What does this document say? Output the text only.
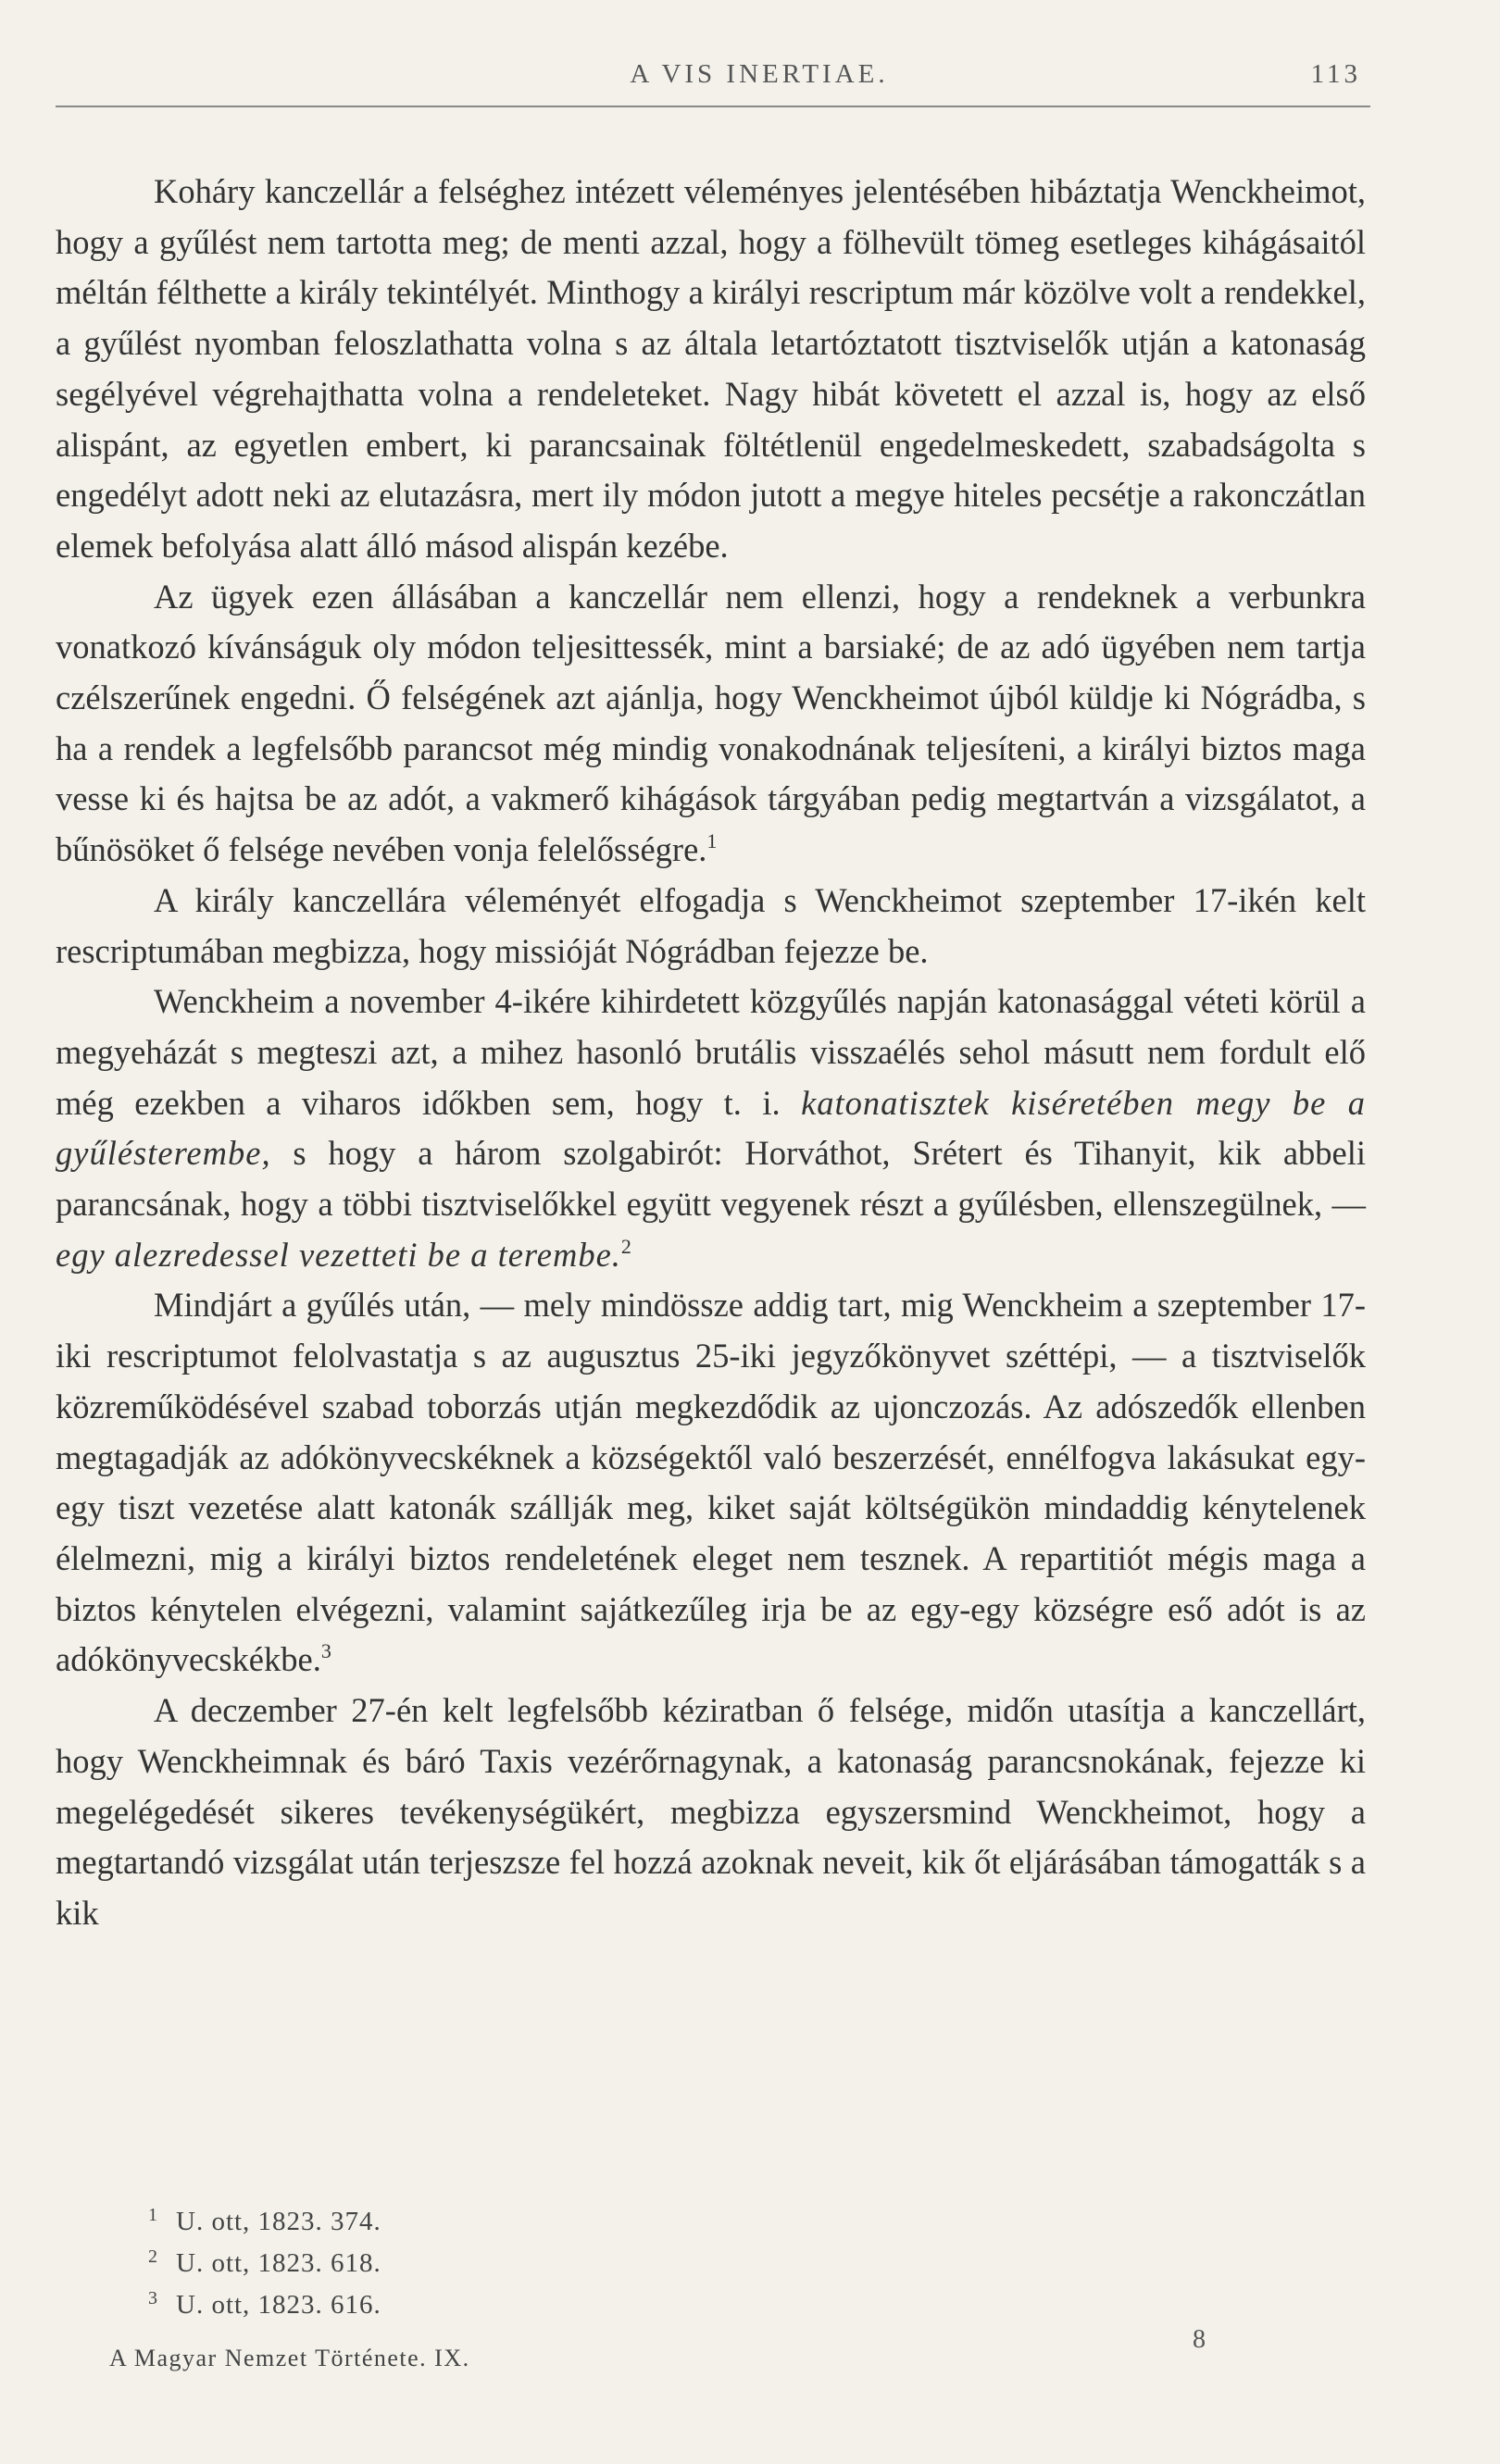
A VIS INERTIAE.	113

Koháry kanczellár a felséghez intézett véleményes jelentésében hibáztatja Wenckheimot, hogy a gyűlést nem tartotta meg; de menti azzal, hogy a fölhevült tömeg esetleges kihágásaitól méltán félthette a király tekintélyét. Minthogy a királyi rescriptum már közölve volt a rendekkel, a gyűlést nyomban feloszlathatta volna s az általa letartóztatott tisztviselők utján a katonaság segélyével végrehajthatta volna a rendeleteket. Nagy hibát követett el azzal is, hogy az első alispánt, az egyetlen embert, ki parancsainak föltétlenül engedelmeskedett, szabadságolta s engedélyt adott neki az elutazásra, mert ily módon jutott a megye hiteles pecsétje a rakonczátlan elemek befolyása alatt álló másod alispán kezébe.

Az ügyek ezen állásában a kanczellár nem ellenzi, hogy a rendeknek a verbunkra vonatkozó kívánságuk oly módon teljesittessék, mint a barsiaké; de az adó ügyében nem tartja czélszerűnek engedni. Ő felségének azt ajánlja, hogy Wenckheimot újból küldje ki Nógrádba, s ha a rendek a legfelsőbb parancsot még mindig vonakodnának teljesíteni, a királyi biztos maga vesse ki és hajtsa be az adót, a vakmerő kihágások tárgyában pedig megtartván a vizsgálatot, a bűnösöket ő felsége nevében vonja felelősségre.$^1$

A király kanczellára véleményét elfogadja s Wenckheimot szeptember 17-ikén kelt rescriptumában megbizza, hogy missióját Nógrádban fejezze be.

Wenckheim a november 4-ikére kihirdetett közgyűlés napján katonasággal véteti körül a megyeházát s megteszi azt, a mihez hasonló brutális visszaélés sehol másutt nem fordult elő még ezekben a viharos időkben sem, hogy t. i. katonatisztek kiséretében megy be a gyűlésterembe, s hogy a három szolgabirót: Horváthot, Srétert és Tihanyit, kik abbeli parancsának, hogy a többi tisztviselőkkel együtt vegyenek részt a gyűlésben, ellenszegülnek, — egy alezredessel vezetteti be a terembe.$^2$

Mindjárt a gyűlés után, — mely mindössze addig tart, mig Wenckheim a szeptember 17-iki rescriptumot felolvastatja s az augusztus 25-iki jegyzőkönyvet széttépi, — a tisztviselők közreműködésével szabad toborzás utján megkezdődik az ujonczozás. Az adószedők ellenben megtagadják az adókönyvecskéknek a községektől való beszerzését, ennélfogva lakásukat egy-egy tiszt vezetése alatt katonák szállják meg, kiket saját költségükön mindaddig kénytelenek élelmezni, mig a királyi biztos rendeletének eleget nem tesznek. A repartitiót mégis maga a biztos kénytelen elvégezni, valamint sajátkezűleg irja be az egy-egy községre eső adót is az adókönyvecskékbe.$^3$

A deczember 27-én kelt legfelsőbb kéziratban ő felsége, midőn utasítja a kanczellárt, hogy Wenckheimnak és báró Taxis vezérőrnagynak, a katonaság parancsnokának, fejezze ki megelégedését sikeres tevékenységükért, megbizza egyszersmind Wenckheimot, hogy a megtartandó vizsgálat után terjeszsze fel hozzá azoknak neveit, kik őt eljárásában támogatták s a kik

1 U. ott, 1823. 374.
2 U. ott, 1823. 618.
3 U. ott, 1823. 616.
A Magyar Nemzet Története. IX.
8
